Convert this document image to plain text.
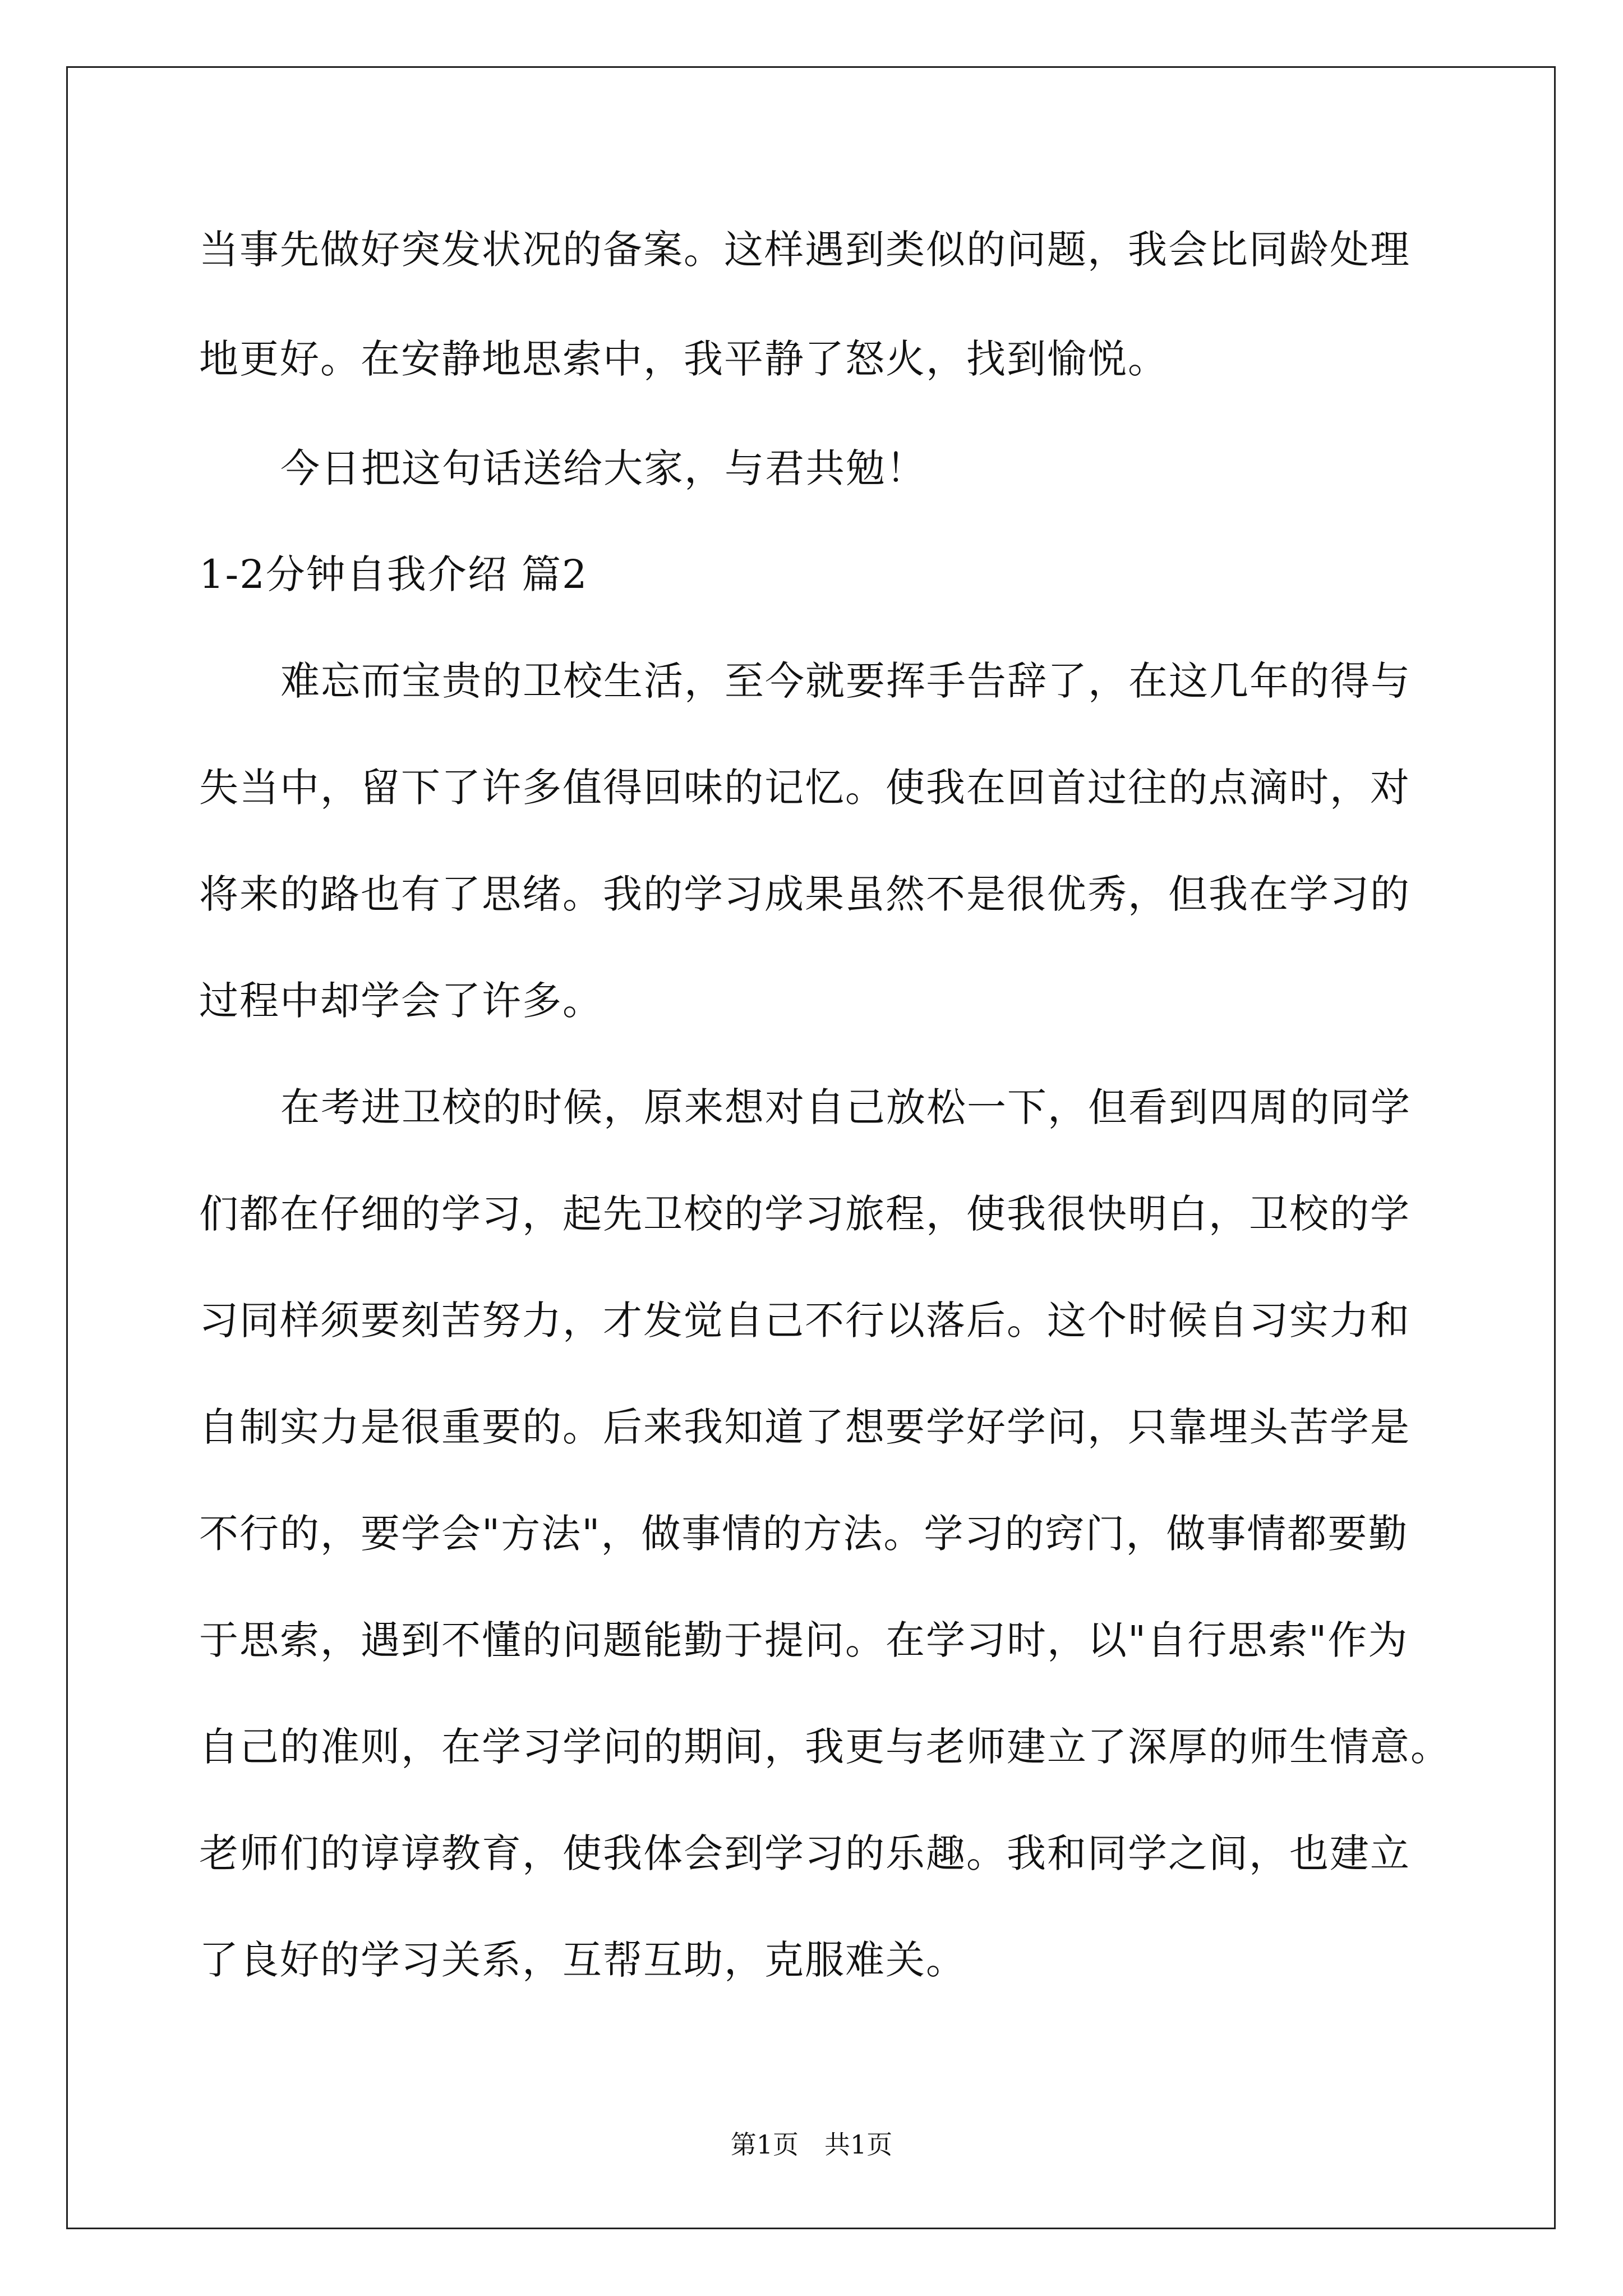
当事先做好突发状况的备案。这样遇到类似的问题，我会比同龄处理
地更好。在安静地思索中，我平静了怒火，找到愉悦。
今日把这句话送给大家，与君共勉！
1-2分钟自我介绍 篇2
难忘而宝贵的卫校生活，至今就要挥手告辞了，在这几年的得与
失当中，留下了许多值得回味的记忆。使我在回首过往的点滴时，对
将来的路也有了思绪。我的学习成果虽然不是很优秀，但我在学习的
过程中却学会了许多。
在考进卫校的时候，原来想对自己放松一下，但看到四周的同学
们都在仔细的学习，起先卫校的学习旅程，使我很快明白，卫校的学
习同样须要刻苦努力，才发觉自己不行以落后。这个时候自习实力和
自制实力是很重要的。后来我知道了想要学好学问，只靠埋头苦学是
不行的，要学会"方法"，做事情的方法。学习的窍门，做事情都要勤
于思索，遇到不懂的问题能勤于提问。在学习时，以"自行思索"作为
自己的准则，在学习学问的期间，我更与老师建立了深厚的师生情意。
老师们的谆谆教育，使我体会到学习的乐趣。我和同学之间，也建立
了良好的学习关系，互帮互助，克服难关。
第1页　共1页
